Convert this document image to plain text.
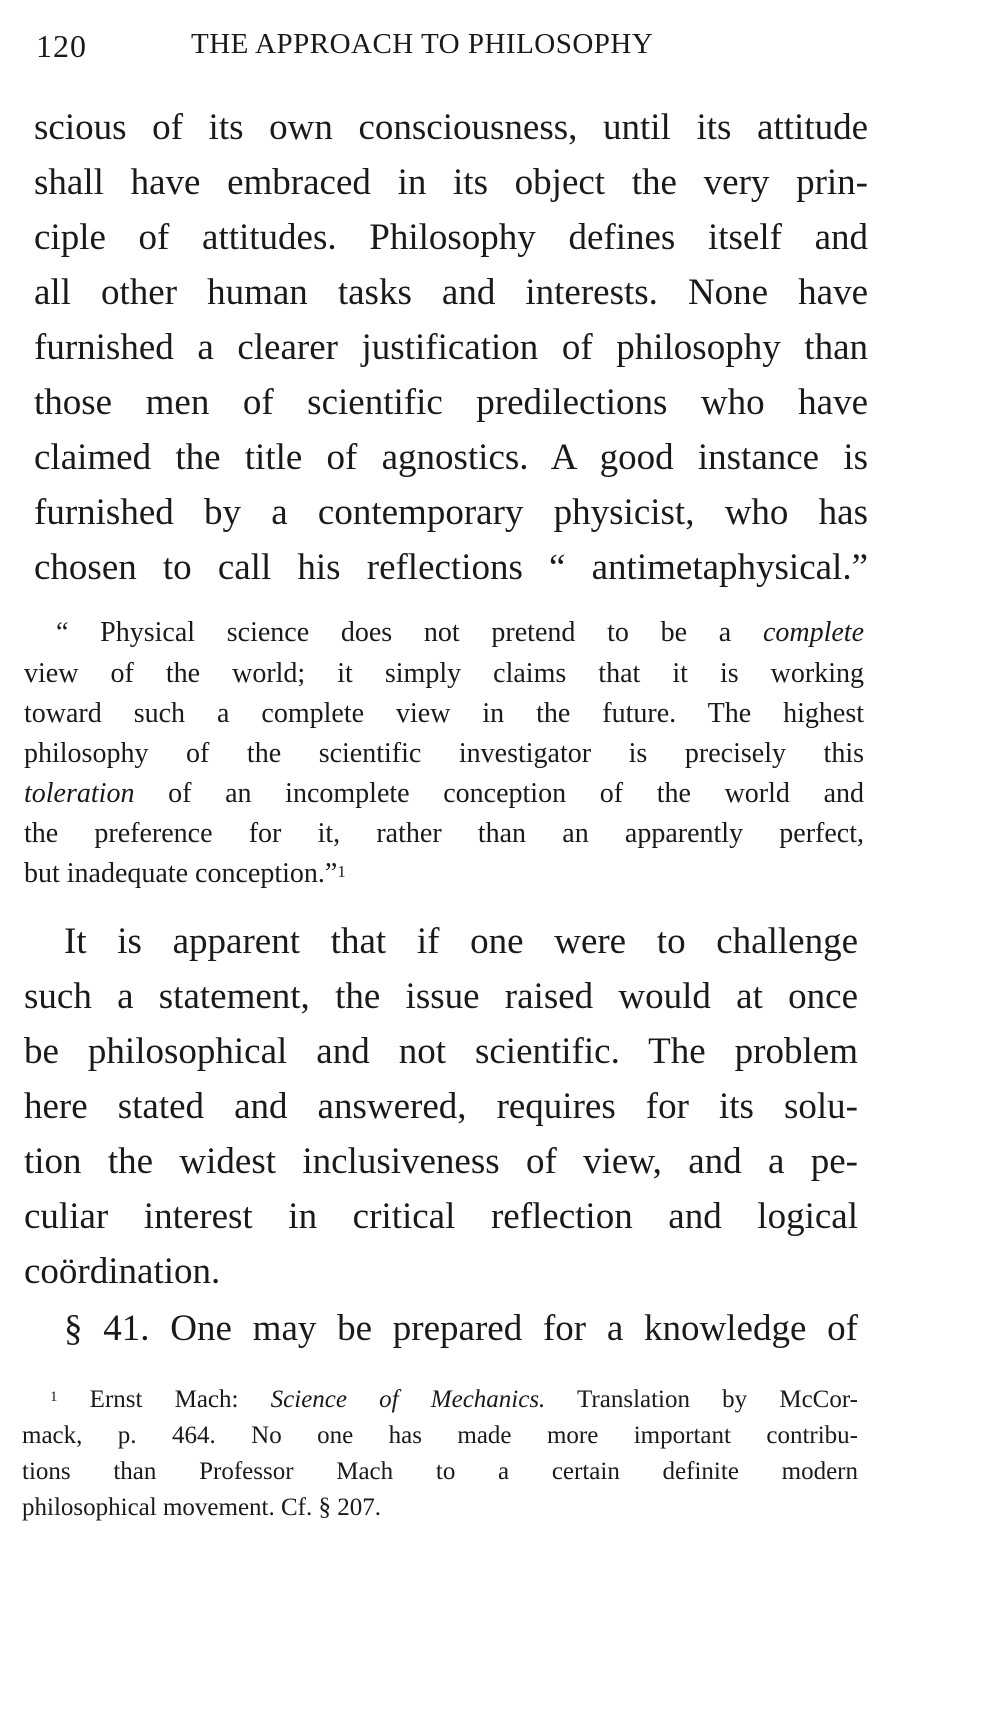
120	THE APPROACH TO PHILOSOPHY
scious of its own consciousness, until its attitude
shall have embraced in its object the very prin-
ciple of attitudes. Philosophy defines itself and
all other human tasks and interests. None have
furnished a clearer justification of philosophy than
those men of scientific predilections who have
claimed the title of agnostics. A good instance is
furnished by a contemporary physicist, who has
chosen to call his reflections “ antimetaphysical.”
“ Physical science does not pretend to be a complete
view of the world; it simply claims that it is working
toward such a complete view in the future. The highest
philosophy of the scientific investigator is precisely this
toleration of an incomplete conception of the world and
the preference for it, rather than an apparently perfect,
but inadequate conception.”$^1$
It is apparent that if one were to challenge
such a statement, the issue raised would at once
be philosophical and not scientific. The problem
here stated and answered, requires for its solu-
tion the widest inclusiveness of view, and a pe-
culiar interest in critical reflection and logical
coördination.
§ 41. One may be prepared for a knowledge of
$^1$ Ernst Mach: Science of Mechanics. Translation by McCor-
mack, p. 464. No one has made more important contribu-
tions than Professor Mach to a certain definite modern
philosophical movement. Cf. § 207.
